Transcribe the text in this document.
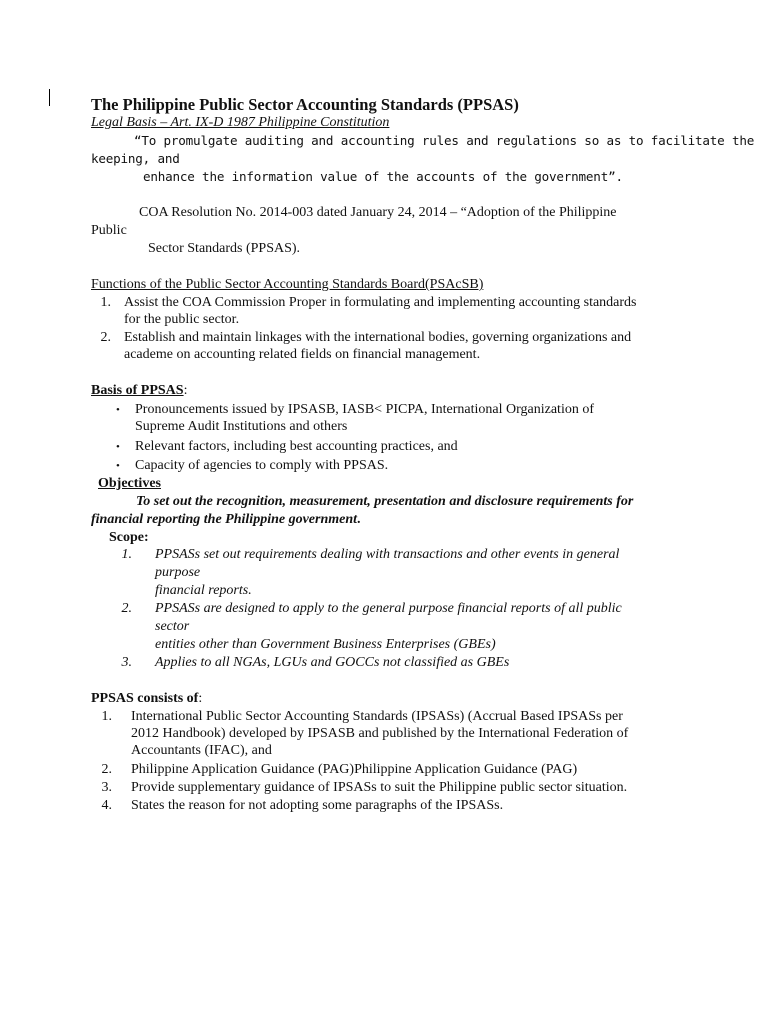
The Philippine Public Sector Accounting Standards (PPSAS)
Legal Basis – Art. IX-D 1987 Philippine Constitution
“To promulgate auditing and accounting rules and regulations so as to facilitate the
keeping, and
enhance the information value of the accounts of the government”.
COA Resolution No. 2014-003 dated January 24, 2014 – “Adoption of the Philippine
Public
Sector Standards (PPSAS).
Functions of the Public Sector Accounting Standards Board(PSAcSB)
1. Assist the COA Commission Proper in formulating and implementing accounting standards
for the public sector.
2. Establish and maintain linkages with the international bodies, governing organizations and
academe on accounting related fields on financial management.
Basis of PPSAS:
• Pronouncements issued by IPSASB, IASB< PICPA, International Organization of
Supreme Audit Institutions and others
• Relevant factors, including best accounting practices, and
• Capacity of agencies to comply with PPSAS.
Objectives
To set out the recognition, measurement, presentation and disclosure requirements for
financial reporting the Philippine government.
Scope:
1. PPSASs set out requirements dealing with transactions and other events in general
purpose
financial reports.
2. PPSASs are designed to apply to the general purpose financial reports of all public
sector
entities other than Government Business Enterprises (GBEs)
3. Applies to all NGAs, LGUs and GOCCs not classified as GBEs
PPSAS consists of:
1. International Public Sector Accounting Standards (IPSASs) (Accrual Based IPSASs per
2012 Handbook) developed by IPSASB and published by the International Federation of
Accountants (IFAC), and
2. Philippine Application Guidance (PAG)Philippine Application Guidance (PAG)
3. Provide supplementary guidance of IPSASs to suit the Philippine public sector situation.
4. States the reason for not adopting some paragraphs of the IPSASs.
